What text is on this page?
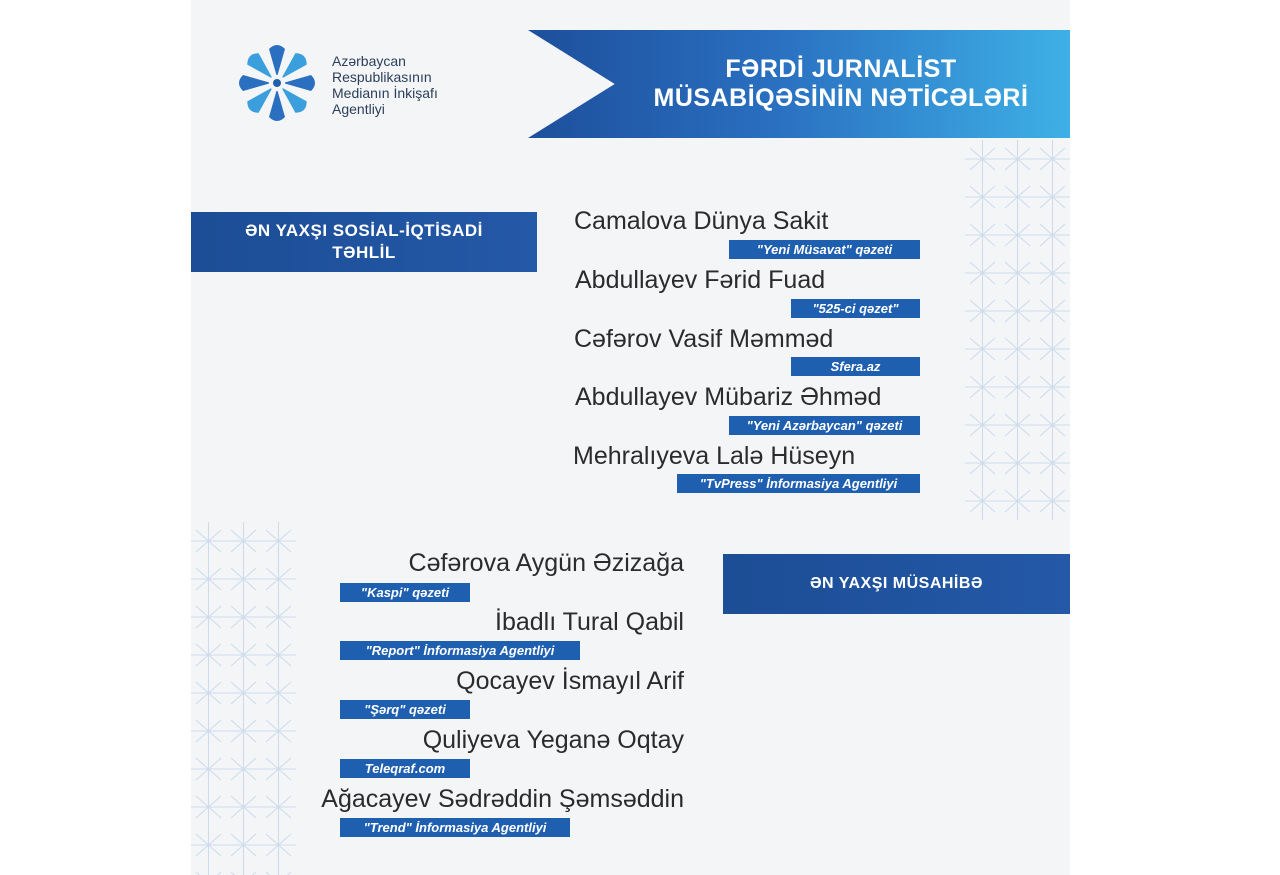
Azərbaycan
Respublikasının
Medianın İnkişafı
Agentliyi
FƏRDİ JURNALİST
MÜSABİQƏSİNİN NƏTİCƏLƏRİ
ƏN YAXŞI SOSİAL-İQTİSADİ
TƏHLİL
Camalova Dünya Sakit
"Yeni Müsavat" qəzeti
Abdullayev Fərid Fuad
"525-ci qəzet"
Cəfərov Vasif Məmməd
Sfera.az
Abdullayev Mübariz Əhməd
"Yeni Azərbaycan" qəzeti
Mehralıyeva Lalə Hüseyn
"TvPress" İnformasiya Agentliyi
ƏN YAXŞI MÜSAHİBƏ
Cəfərova Aygün Əzizağa
"Kaspi" qəzeti
İbadlı Tural Qabil
"Report" İnformasiya Agentliyi
Qocayev İsmayıl Arif
"Şərq" qəzeti
Quliyeva Yeganə Oqtay
Teleqraf.com
Ağacayev Sədrəddin Şəmsəddin
"Trend" İnformasiya Agentliyi
